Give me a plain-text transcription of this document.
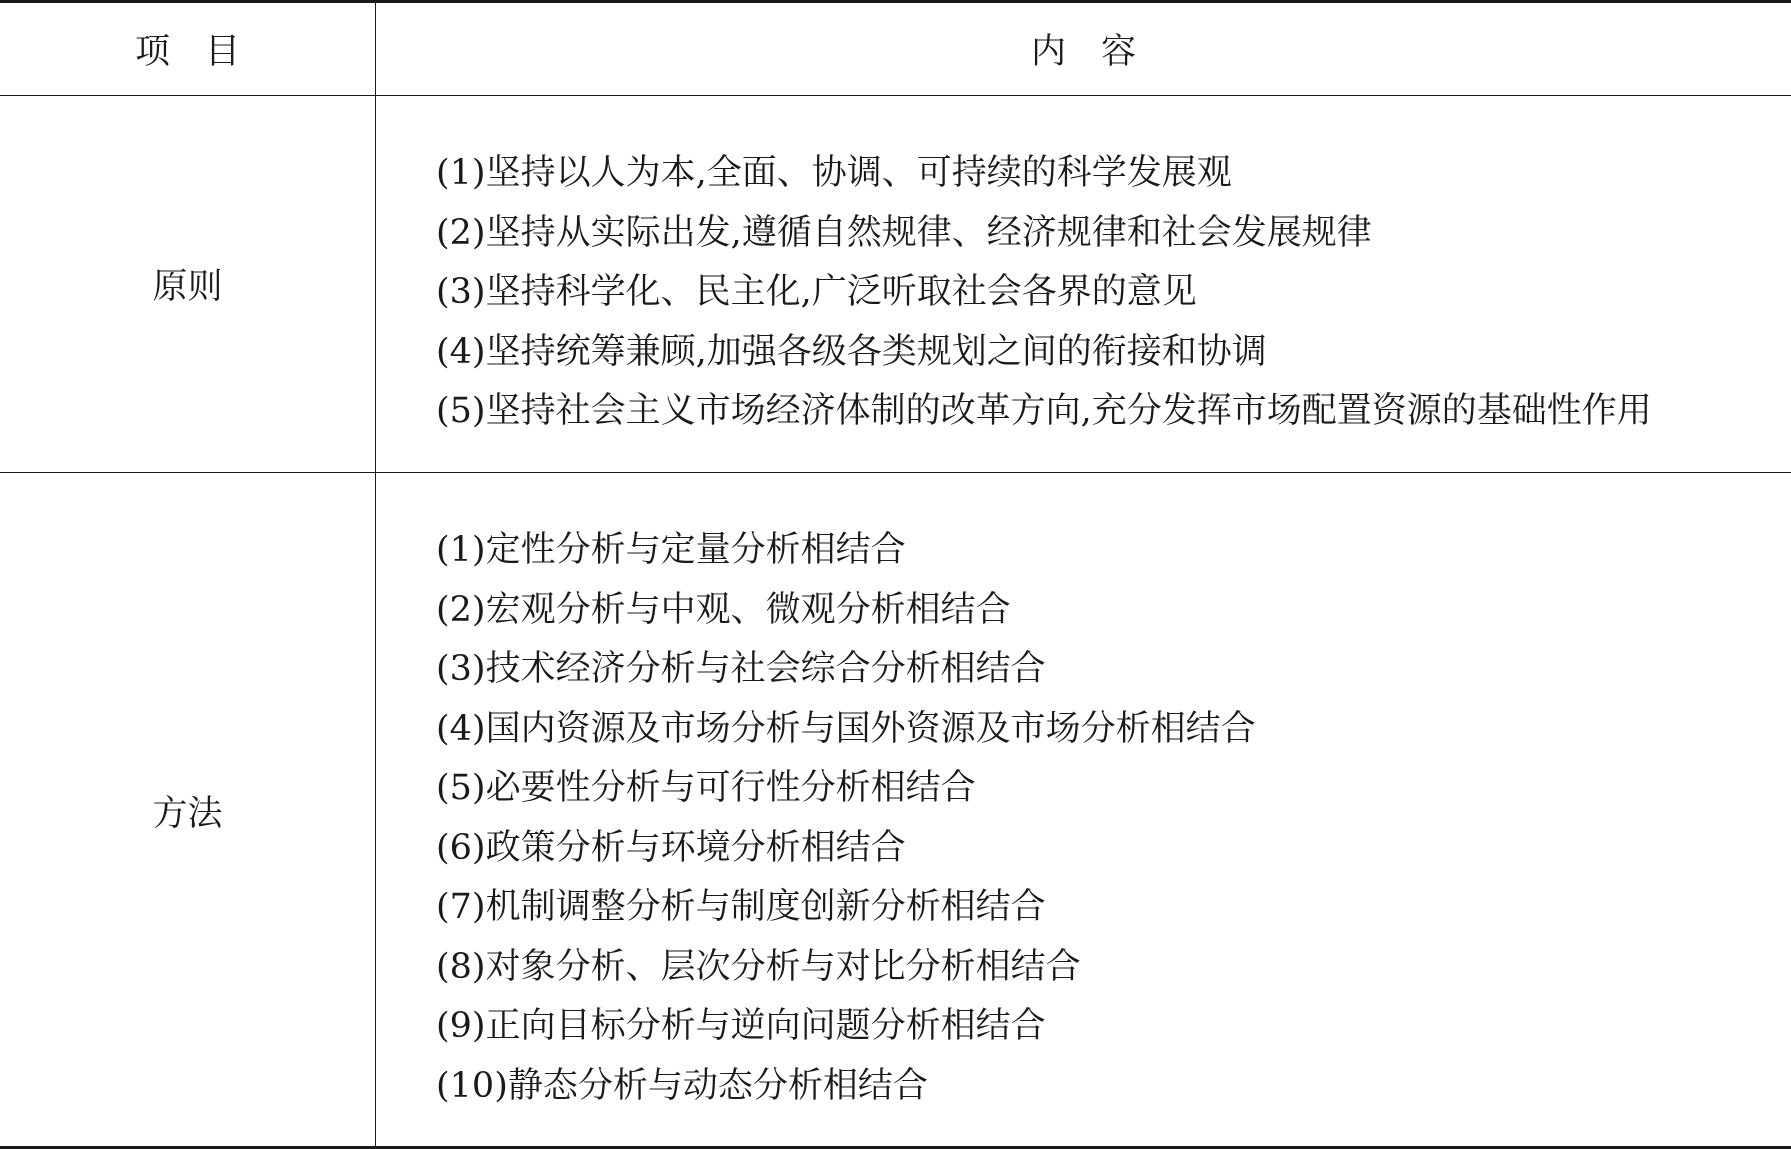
项　目	内　容
原则
(1)坚持以人为本,全面、协调、可持续的科学发展观
(2)坚持从实际出发,遵循自然规律、经济规律和社会发展规律
(3)坚持科学化、民主化,广泛听取社会各界的意见
(4)坚持统筹兼顾,加强各级各类规划之间的衔接和协调
(5)坚持社会主义市场经济体制的改革方向,充分发挥市场配置资源的基础性作用
方法
(1)定性分析与定量分析相结合
(2)宏观分析与中观、微观分析相结合
(3)技术经济分析与社会综合分析相结合
(4)国内资源及市场分析与国外资源及市场分析相结合
(5)必要性分析与可行性分析相结合
(6)政策分析与环境分析相结合
(7)机制调整分析与制度创新分析相结合
(8)对象分析、层次分析与对比分析相结合
(9)正向目标分析与逆向问题分析相结合
(10)静态分析与动态分析相结合
